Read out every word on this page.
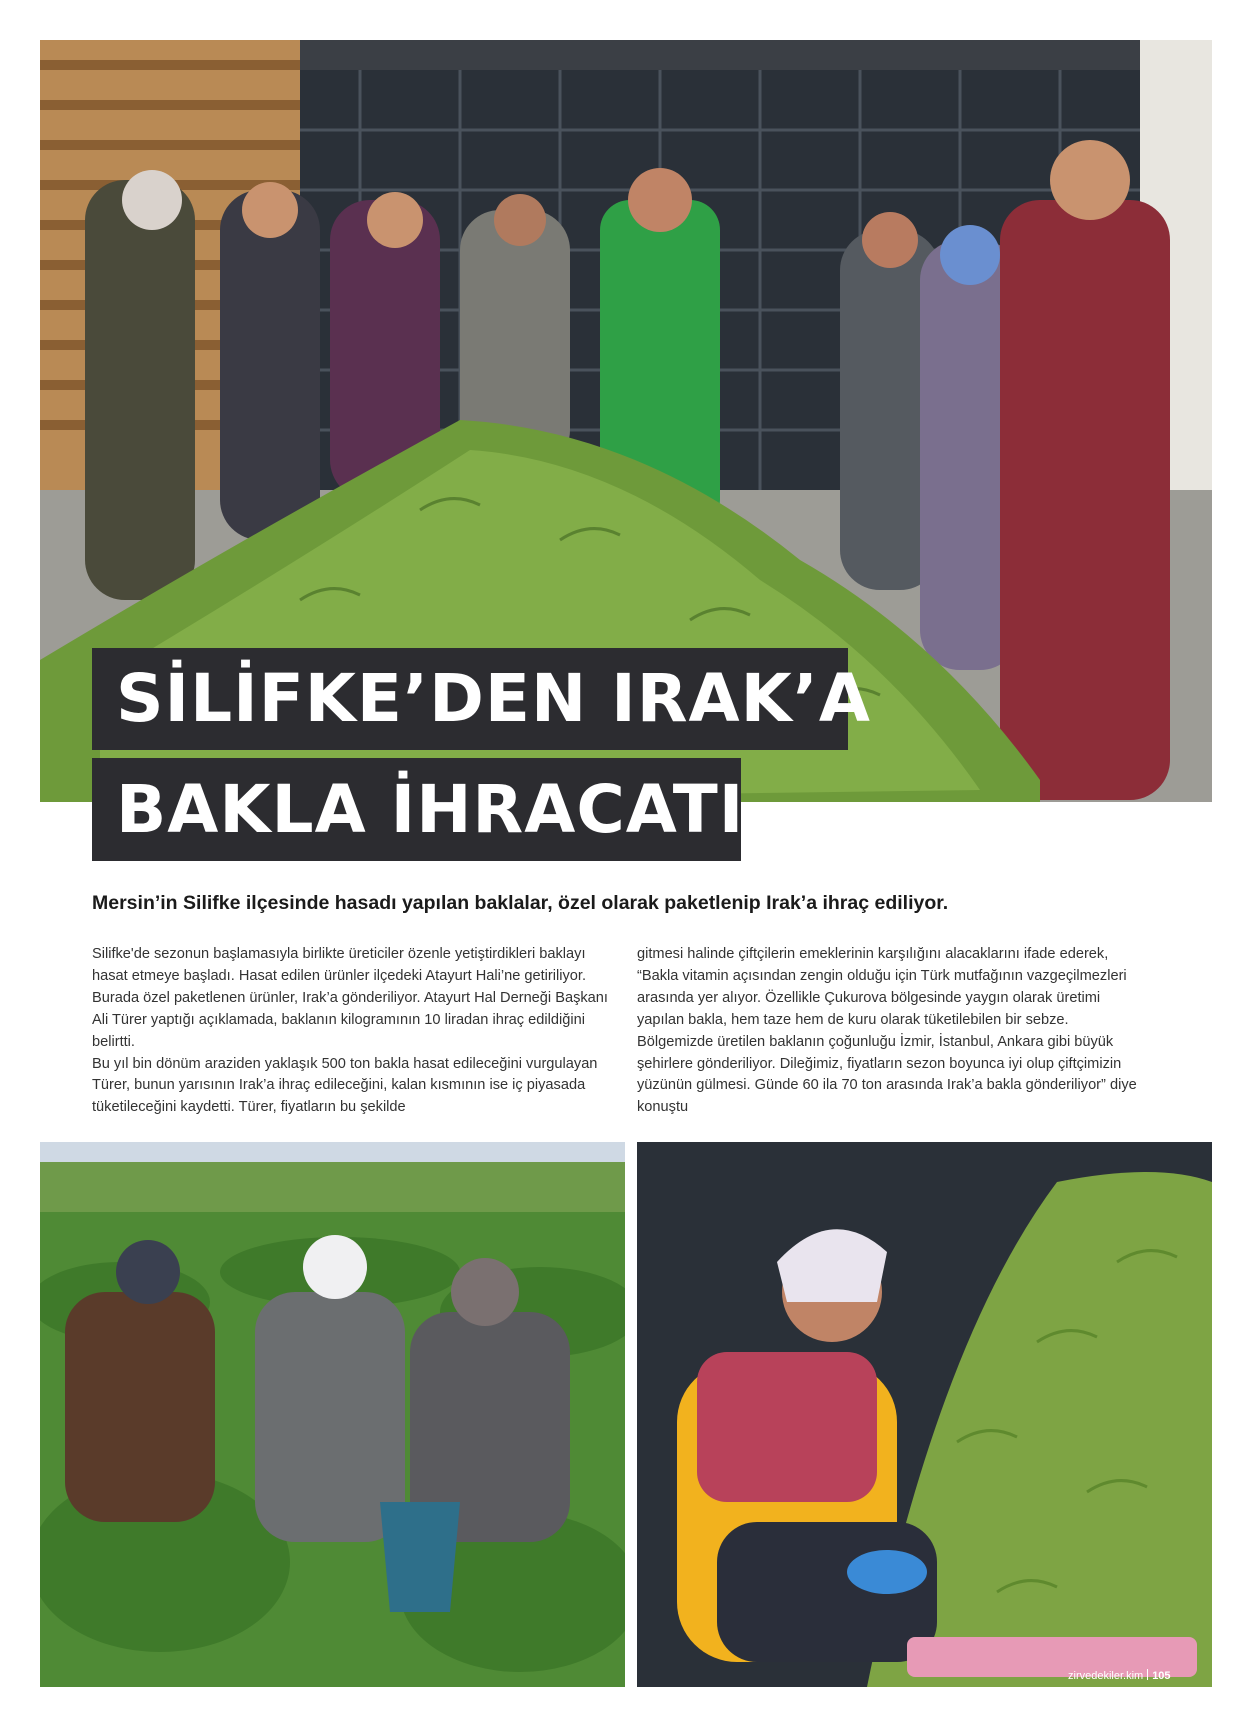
SİLİFKE’DEN IRAK’A
BAKLA İHRACATI
Mersin’in Silifke ilçesinde hasadı yapılan baklalar, özel olarak paketlenip Irak’a ihraç ediliyor.

Silifke'de sezonun başlamasıyla birlikte üreticiler özenle yetiştirdikleri baklayı hasat etmeye başladı. Hasat edilen ürünler ilçedeki Atayurt Hali’ne getiriliyor. Burada özel paketlenen ürünler, Irak’a gönderiliyor. Atayurt Hal Derneği Başkanı Ali Türer yaptığı açıklamada, baklanın kilogramının 10 liradan ihraç edildiğini belirtti.

Bu yıl bin dönüm araziden yaklaşık 500 ton bakla hasat edileceğini vurgulayan Türer, bunun yarısının Irak’a ihraç edileceğini, kalan kısmının ise iç piyasada tüketileceğini kaydetti. Türer, fiyatların bu şekilde

gitmesi halinde çiftçilerin emeklerinin karşılığını alacaklarını ifade ederek, “Bakla vitamin açısından zengin olduğu için Türk mutfağının vazgeçilmezleri arasında yer alıyor. Özellikle Çukurova bölgesinde yaygın olarak üretimi yapılan bakla, hem taze hem de kuru olarak tüketilebilen bir sebze. Bölgemizde üretilen baklanın çoğunluğu İzmir, İstanbul, Ankara gibi büyük şehirlere gönderiliyor. Dileğimiz, fiyatların sezon boyunca iyi olup çiftçimizin yüzünün gülmesi. Günde 60 ila 70 ton arasında Irak’a bakla gönderiliyor” diye konuştu

zirvedekiler.kim 105
